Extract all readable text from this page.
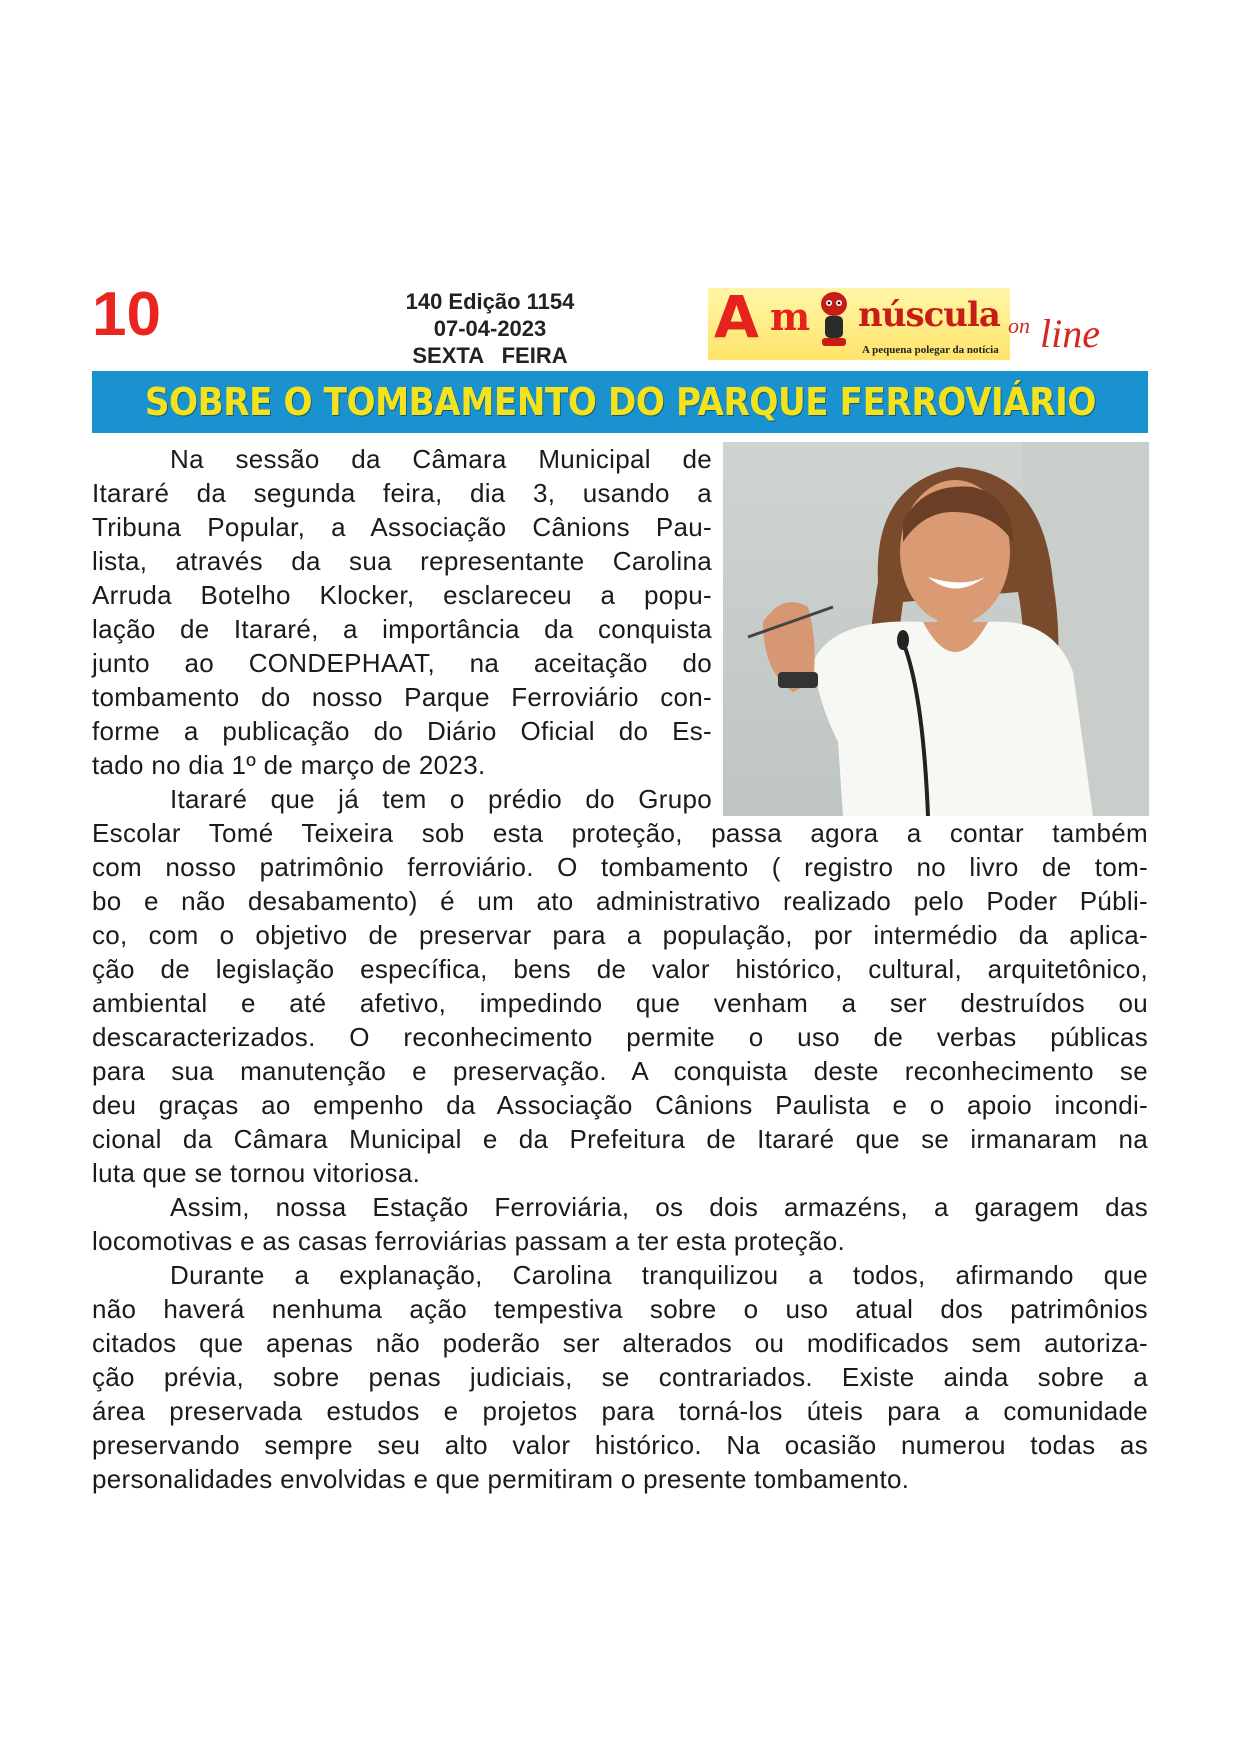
10	140 Edição 1154
07-04-2023
SEXTA   FEIRA
A m núscula
A pequena polegar da notícia
$^{on}$ line
SOBRE O TOMBAMENTO DO PARQUE FERROVIÁRIO
Na sessão da Câmara Municipal de
Itararé da segunda feira, dia 3, usando a
Tribuna Popular, a Associação Cânions Pau-
lista, através da sua representante Carolina
Arruda Botelho Klocker, esclareceu a popu-
lação de Itararé, a importância da conquista
junto ao CONDEPHAAT, na aceitação do
tombamento do nosso Parque Ferroviário con-
forme a publicação do Diário Oficial do Es-
tado no dia 1º de março de 2023.
Itararé que já tem o prédio do Grupo
Escolar Tomé Teixeira sob esta proteção, passa agora a contar também
com nosso patrimônio ferroviário. O tombamento ( registro no livro de tom-
bo e não desabamento) é um ato administrativo realizado pelo Poder Públi-
co, com o objetivo de preservar para a população, por intermédio da aplica-
ção de legislação específica, bens de valor histórico, cultural, arquitetônico,
ambiental e até afetivo, impedindo que venham a ser destruídos ou
descaracterizados. O reconhecimento permite o uso de verbas públicas
para sua manutenção e preservação. A conquista deste reconhecimento se
deu graças ao empenho da Associação Cânions Paulista e o apoio incondi-
cional da Câmara Municipal e da Prefeitura de Itararé que se irmanaram na
luta que se tornou vitoriosa.
Assim, nossa Estação Ferroviária, os dois armazéns, a garagem das
locomotivas e as casas ferroviárias passam a ter esta proteção.
Durante a explanação, Carolina tranquilizou a todos, afirmando que
não haverá nenhuma ação tempestiva sobre o uso atual dos patrimônios
citados que apenas não poderão ser alterados ou modificados sem autoriza-
ção prévia, sobre penas judiciais, se contrariados. Existe ainda sobre a
área preservada estudos e projetos para torná-los úteis para a comunidade
preservando sempre seu alto valor histórico. Na ocasião numerou todas as
personalidades envolvidas e que permitiram o presente tombamento.
